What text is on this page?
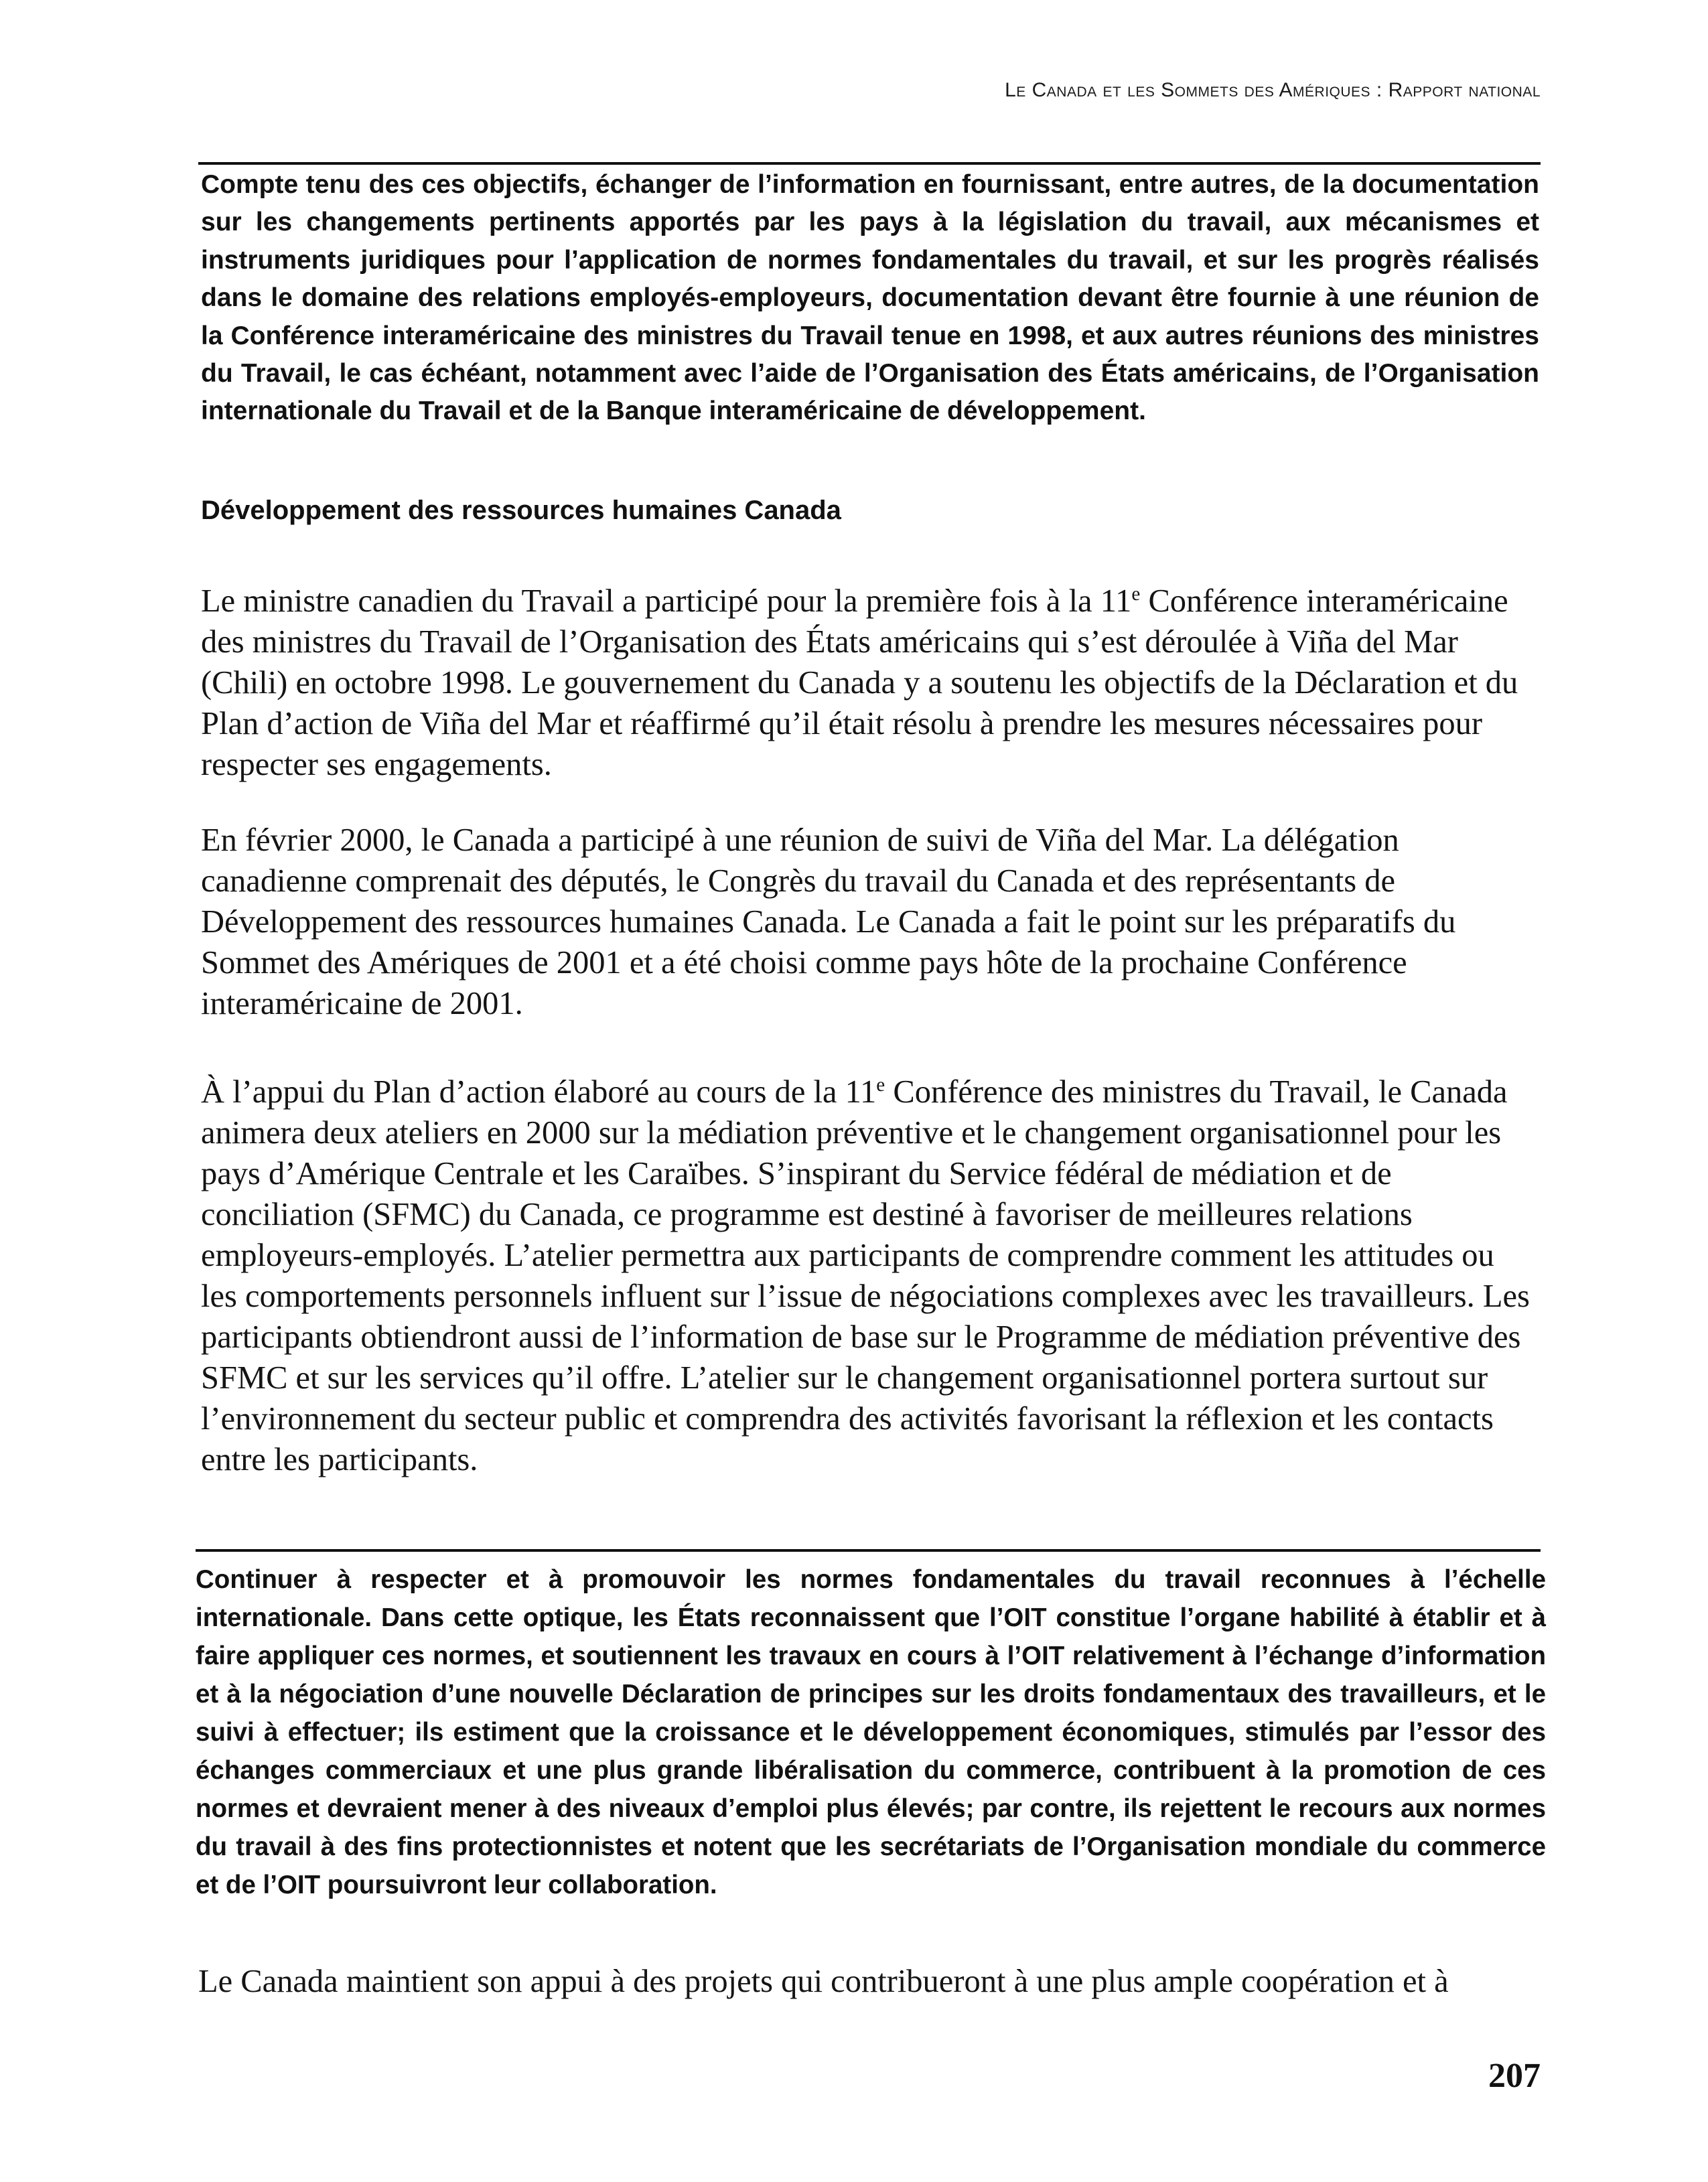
Le Canada et les Sommets des Amériques : Rapport national

Compte tenu des ces objectifs, échanger de l’information en fournissant, entre autres, de la documentation sur les changements pertinents apportés par les pays à la législation du travail, aux mécanismes et instruments juridiques pour l’application de normes fondamentales du travail, et sur les progrès réalisés dans le domaine des relations employés-employeurs, documentation devant être fournie à une réunion de la Conférence interaméricaine des ministres du Travail tenue en 1998, et aux autres réunions des ministres du Travail, le cas échéant, notamment avec l’aide de l’Organisation des États américains, de l’Organisation internationale du Travail et de la Banque interaméricaine de développement.

Développement des ressources humaines Canada

Le ministre canadien du Travail a participé pour la première fois à la 11e Conférence interaméricaine des ministres du Travail de l’Organisation des États américains qui s’est déroulée à Viña del Mar (Chili) en octobre 1998. Le gouvernement du Canada y a soutenu les objectifs de la Déclaration et du Plan d’action de Viña del Mar et réaffirmé qu’il était résolu à prendre les mesures nécessaires pour respecter ses engagements.

En février 2000, le Canada a participé à une réunion de suivi de Viña del Mar. La délégation canadienne comprenait des députés, le Congrès du travail du Canada et des représentants de Développement des ressources humaines Canada. Le Canada a fait le point sur les préparatifs du Sommet des Amériques de 2001 et a été choisi comme pays hôte de la prochaine Conférence interaméricaine de 2001.

À l’appui du Plan d’action élaboré au cours de la 11e Conférence des ministres du Travail, le Canada animera deux ateliers en 2000 sur la médiation préventive et le changement organisationnel pour les pays d’Amérique Centrale et les Caraïbes. S’inspirant du Service fédéral de médiation et de conciliation (SFMC) du Canada, ce programme est destiné à favoriser de meilleures relations employeurs-employés. L’atelier permettra aux participants de comprendre comment les attitudes ou les comportements personnels influent sur l’issue de négociations complexes avec les travailleurs. Les participants obtiendront aussi de l’information de base sur le Programme de médiation préventive des SFMC et sur les services qu’il offre. L’atelier sur le changement organisationnel portera surtout sur l’environnement du secteur public et comprendra des activités favorisant la réflexion et les contacts entre les participants.

Continuer à respecter et à promouvoir les normes fondamentales du travail reconnues à l’échelle internationale. Dans cette optique, les États reconnaissent que l’OIT constitue l’organe habilité à établir et à faire appliquer ces normes, et soutiennent les travaux en cours à l’OIT relativement à l’échange d’information et à la négociation d’une nouvelle Déclaration de principes sur les droits fondamentaux des travailleurs, et le suivi à effectuer; ils estiment que la croissance et le développement économiques, stimulés par l’essor des échanges commerciaux et une plus grande libéralisation du commerce, contribuent à la promotion de ces normes et devraient mener à des niveaux d’emploi plus élevés; par contre, ils rejettent le recours aux normes du travail à des fins protectionnistes et notent que les secrétariats de l’Organisation mondiale du commerce et de l’OIT poursuivront leur collaboration.

Le Canada maintient son appui à des projets qui contribueront à une plus ample coopération et à

207
